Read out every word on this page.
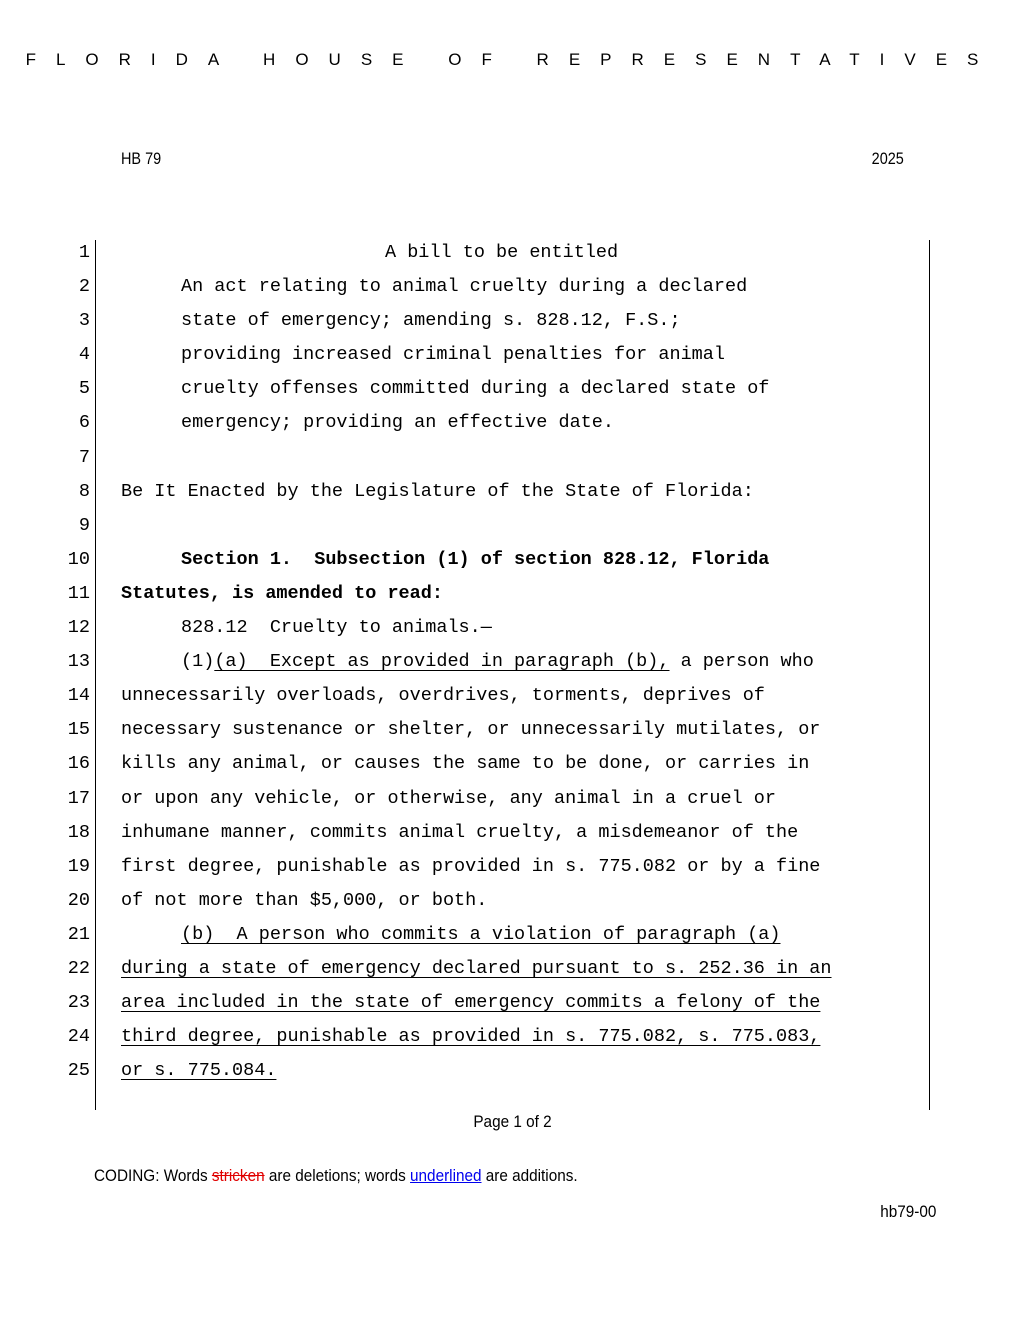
FLORIDA HOUSE OF REPRESENTATIVES
HB 79	2025
1	A bill to be entitled
2	An act relating to animal cruelty during a declared
3	state of emergency; amending s. 828.12, F.S.;
4	providing increased criminal penalties for animal
5	cruelty offenses committed during a declared state of
6	emergency; providing an effective date.
7
8 Be It Enacted by the Legislature of the State of Florida:
9
10	Section 1.  Subsection (1) of section 828.12, Florida
11 Statutes, is amended to read:
12	828.12  Cruelty to animals.—
13	(1)(a)  Except as provided in paragraph (b), a person who
14 unnecessarily overloads, overdrives, torments, deprives of
15 necessary sustenance or shelter, or unnecessarily mutilates, or
16 kills any animal, or causes the same to be done, or carries in
17 or upon any vehicle, or otherwise, any animal in a cruel or
18 inhumane manner, commits animal cruelty, a misdemeanor of the
19 first degree, punishable as provided in s. 775.082 or by a fine
20 of not more than $5,000, or both.
21	(b)  A person who commits a violation of paragraph (a)
22 during a state of emergency declared pursuant to s. 252.36 in an
23 area included in the state of emergency commits a felony of the
24 third degree, punishable as provided in s. 775.082, s. 775.083,
25 or s. 775.084.
Page 1 of 2
CODING: Words stricken are deletions; words underlined are additions.
hb79-00
